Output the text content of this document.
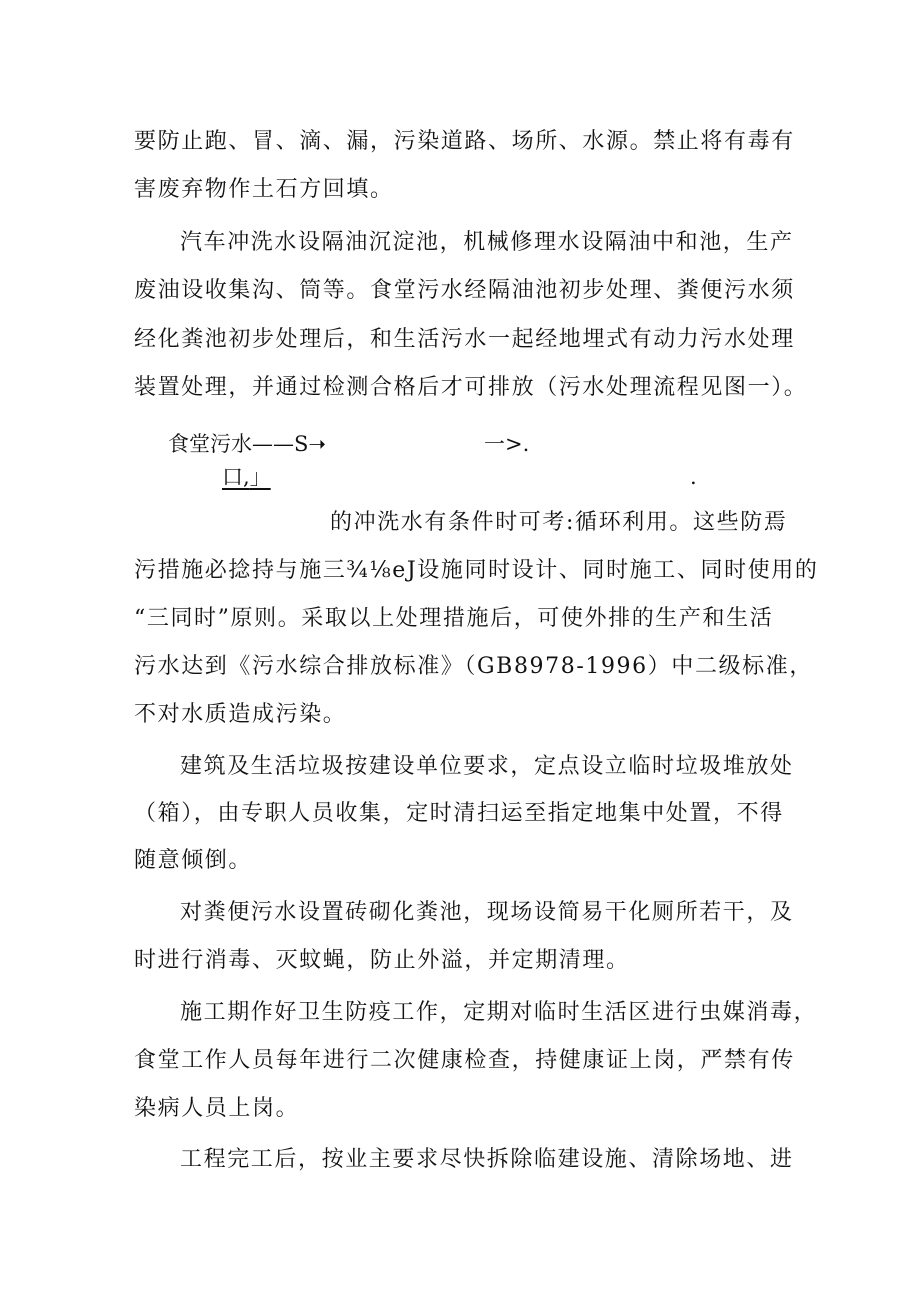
要防止跑、冒、滴、漏，污染道路、场所、水源。禁止将有毒有
害废弃物作土石方回填。
汽车冲洗水设隔油沉淀池，机械修理水设隔油中和池，生产
废油设收集沟、筒等。食堂污水经隔油池初步处理、粪便污水须
经化粪池初步处理后，和生活污水一起经地埋式有动力污水处理
装置处理，并通过检测合格后才可排放（污水处理流程见图一）。
食堂污水——S➝	一>.
口,」	.
的冲洗水有条件时可考:循环利用。这些防焉
污措施必捻持与施三¾⅛eJ设施同时设计、同时施工、同时使用的
“三同时”原则。采取以上处理措施后，可使外排的生产和生活
污水达到《污水综合排放标准》（GB8978-1996）中二级标准，
不对水质造成污染。
建筑及生活垃圾按建设单位要求，定点设立临时垃圾堆放处
（箱），由专职人员收集，定时清扫运至指定地集中处置，不得
随意倾倒。
对粪便污水设置砖砌化粪池，现场设简易干化厕所若干，及
时进行消毒、灭蚊蝇，防止外溢，并定期清理。
施工期作好卫生防疫工作，定期对临时生活区进行虫媒消毒，
食堂工作人员每年进行二次健康检查，持健康证上岗，严禁有传
染病人员上岗。
工程完工后，按业主要求尽快拆除临建设施、清除场地、进
